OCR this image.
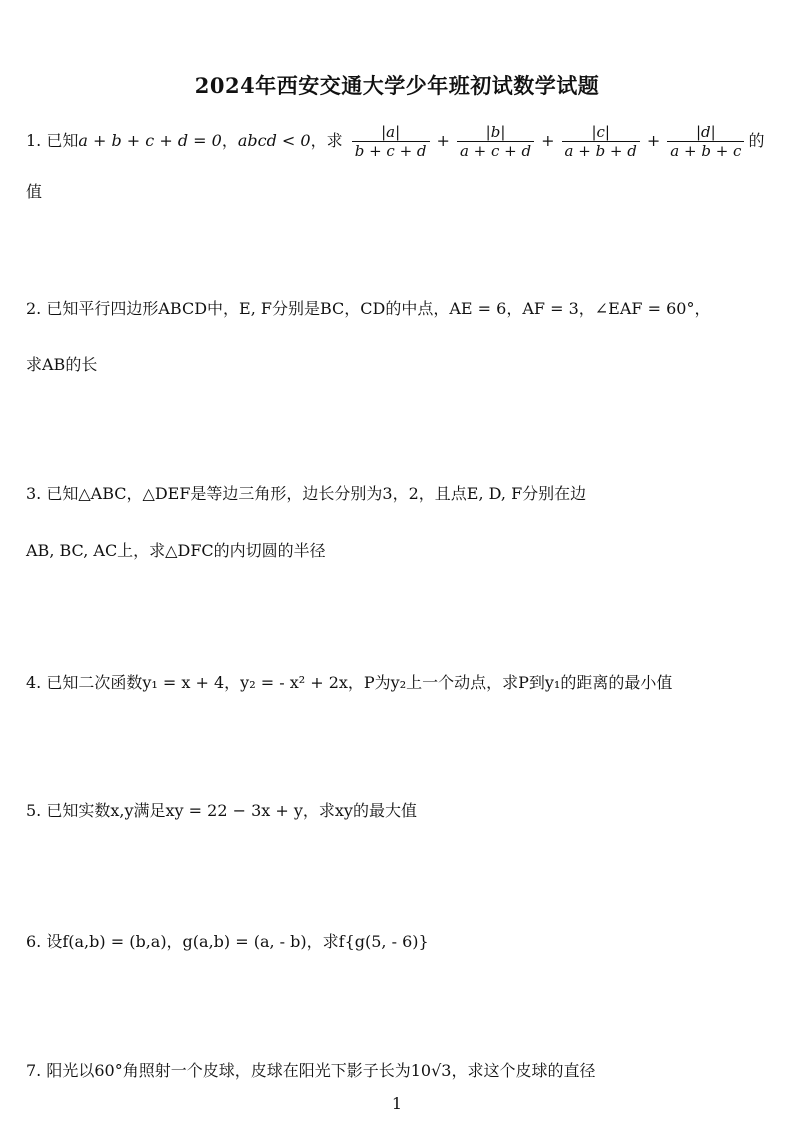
2024年西安交通大学少年班初试数学试题
1. 已知a + b + c + d = 0，abcd < 0，求 $\frac{|a|}{b + c + d} + \frac{|b|}{a + c + d} + \frac{|c|}{a + b + d} + \frac{|d|}{a + b + c}$ 的
值
2. 已知平行四边形ABCD中，E, F分别是BC，CD的中点，AE = 6，AF = 3，∠EAF = 60°，
求AB的长
3. 已知△ABC，△DEF是等边三角形，边长分别为3，2，且点E, D, F分别在边
AB, BC, AC上，求△DFC的内切圆的半径
4. 已知二次函数y₁ = x + 4，y₂ = - x² + 2x，P为y₂上一个动点，求P到y₁的距离的最小值
5. 已知实数x,y满足xy = 22 − 3x + y，求xy的最大值
6. 设f(a,b) = (b,a)，g(a,b) = (a, - b)，求f{g(5, - 6)}
7. 阳光以60°角照射一个皮球，皮球在阳光下影子长为10√3，求这个皮球的直径
1
